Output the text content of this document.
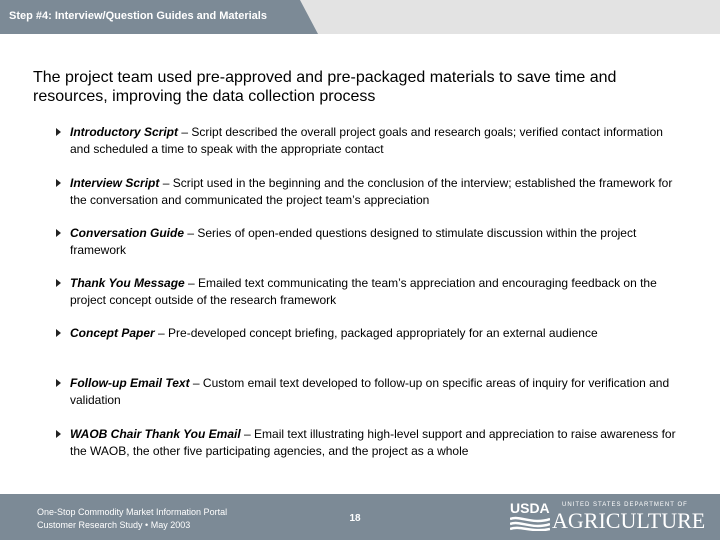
Step #4: Interview/Question Guides and Materials
The project team used pre-approved and pre-packaged materials to save time and resources, improving the data collection process
Introductory Script – Script described the overall project goals and research goals; verified contact information and scheduled a time to speak with the appropriate contact
Interview Script – Script used in the beginning and the conclusion of the interview; established the framework for the conversation and communicated the project team’s appreciation
Conversation Guide – Series of open-ended questions designed to stimulate discussion within the project framework
Thank You Message – Emailed text communicating the team’s appreciation and encouraging feedback on the project concept outside of the research framework
Concept Paper – Pre-developed concept briefing, packaged appropriately for an external audience
Follow-up Email Text – Custom email text developed to follow-up on specific areas of inquiry for verification and validation
WAOB Chair Thank You Email – Email text illustrating high-level support and appreciation to raise awareness for the WAOB, the other five participating agencies, and the project as a whole
One-Stop Commodity Market Information Portal
Customer Research Study • May 2003
18
USDA UNITED STATES DEPARTMENT OF
AGRICULTURE
